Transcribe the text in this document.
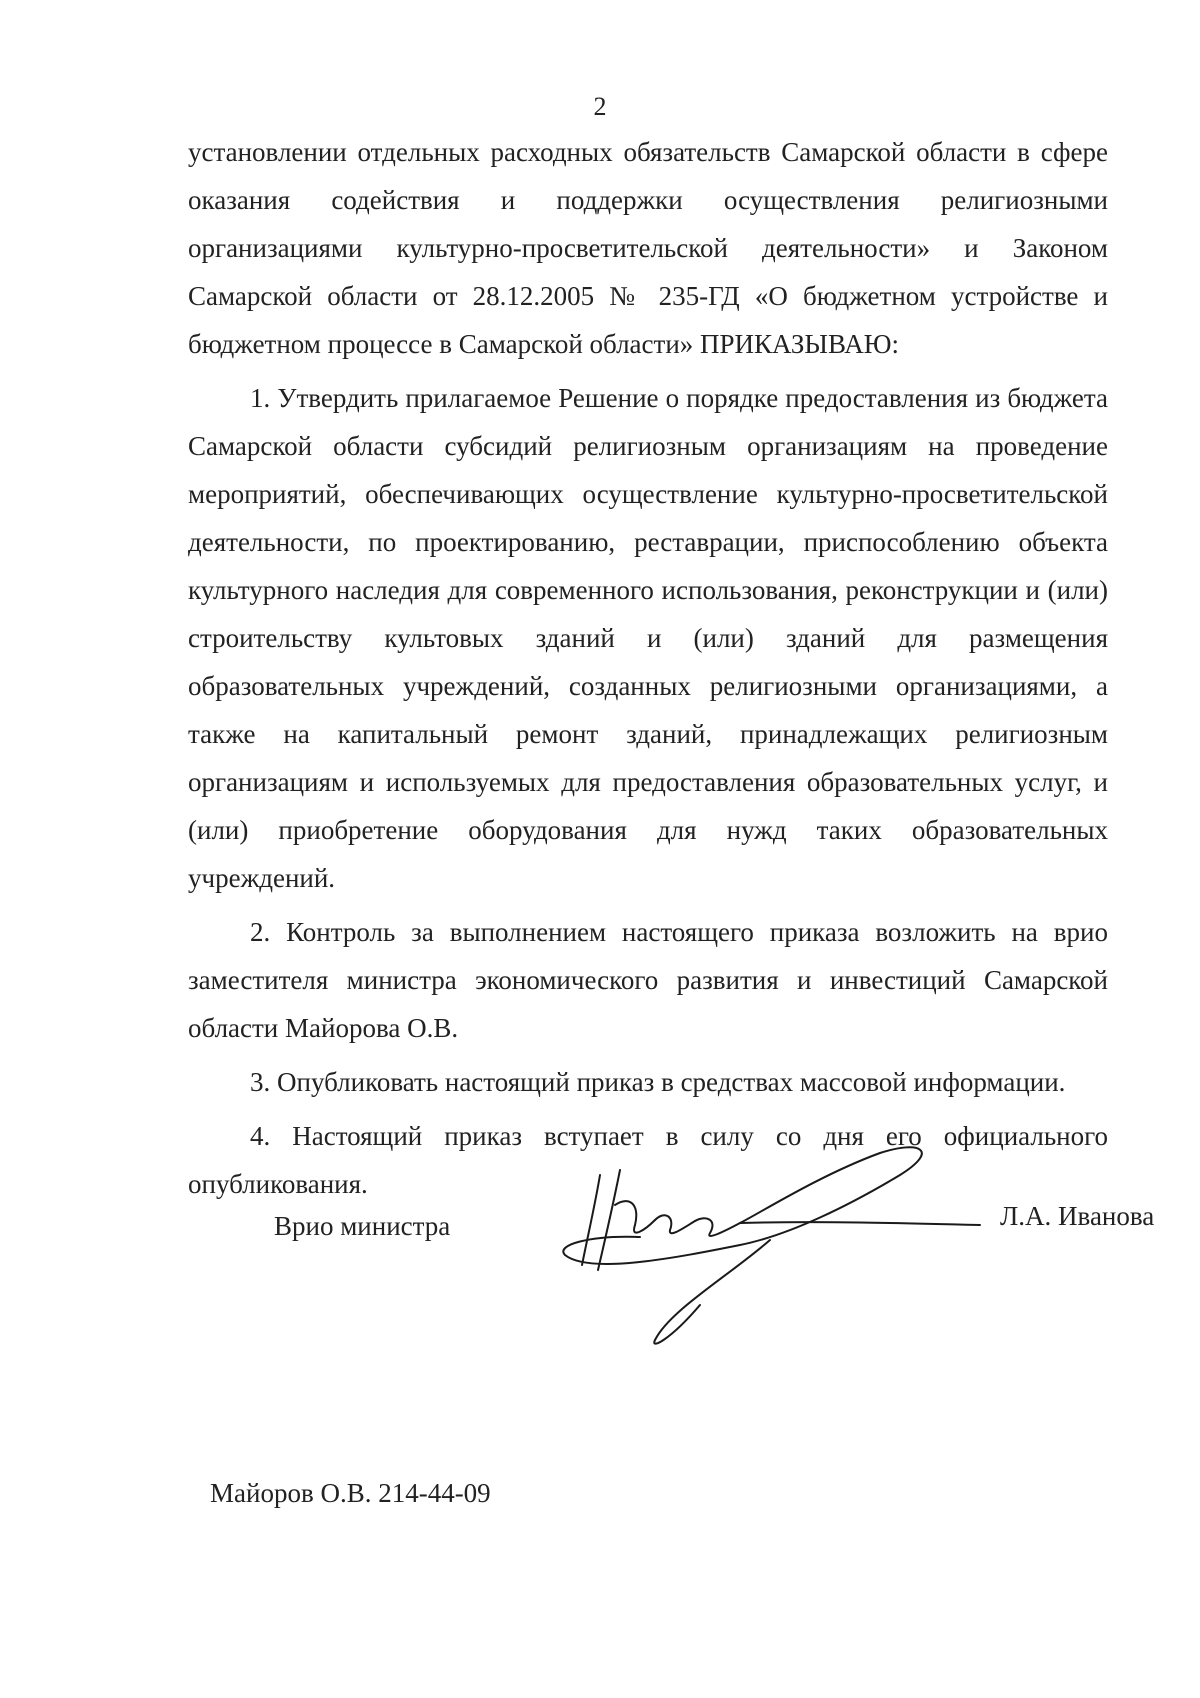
2

установлении отдельных расходных обязательств Самарской области в сфере оказания содействия и поддержки осуществления религиозными организациями культурно-просветительской деятельности» и Законом Самарской области от 28.12.2005 № 235-ГД «О бюджетном устройстве и бюджетном процессе в Самарской области» ПРИКАЗЫВАЮ:

1. Утвердить прилагаемое Решение о порядке предоставления из бюджета Самарской области субсидий религиозным организациям на проведение мероприятий, обеспечивающих осуществление культурно-просветительской деятельности, по проектированию, реставрации, приспособлению объекта культурного наследия для современного использования, реконструкции и (или) строительству культовых зданий и (или) зданий для размещения образовательных учреждений, созданных религиозными организациями, а также на капитальный ремонт зданий, принадлежащих религиозным организациям и используемых для предоставления образовательных услуг, и (или) приобретение оборудования для нужд таких образовательных учреждений.

2. Контроль за выполнением настоящего приказа возложить на врио заместителя министра экономического развития и инвестиций Самарской области Майорова О.В.

3. Опубликовать настоящий приказ в средствах массовой информации.

4. Настоящий приказ вступает в силу со дня его официального опубликования.

Врио министра	Л.А. Иванова
Майоров О.В. 214-44-09
